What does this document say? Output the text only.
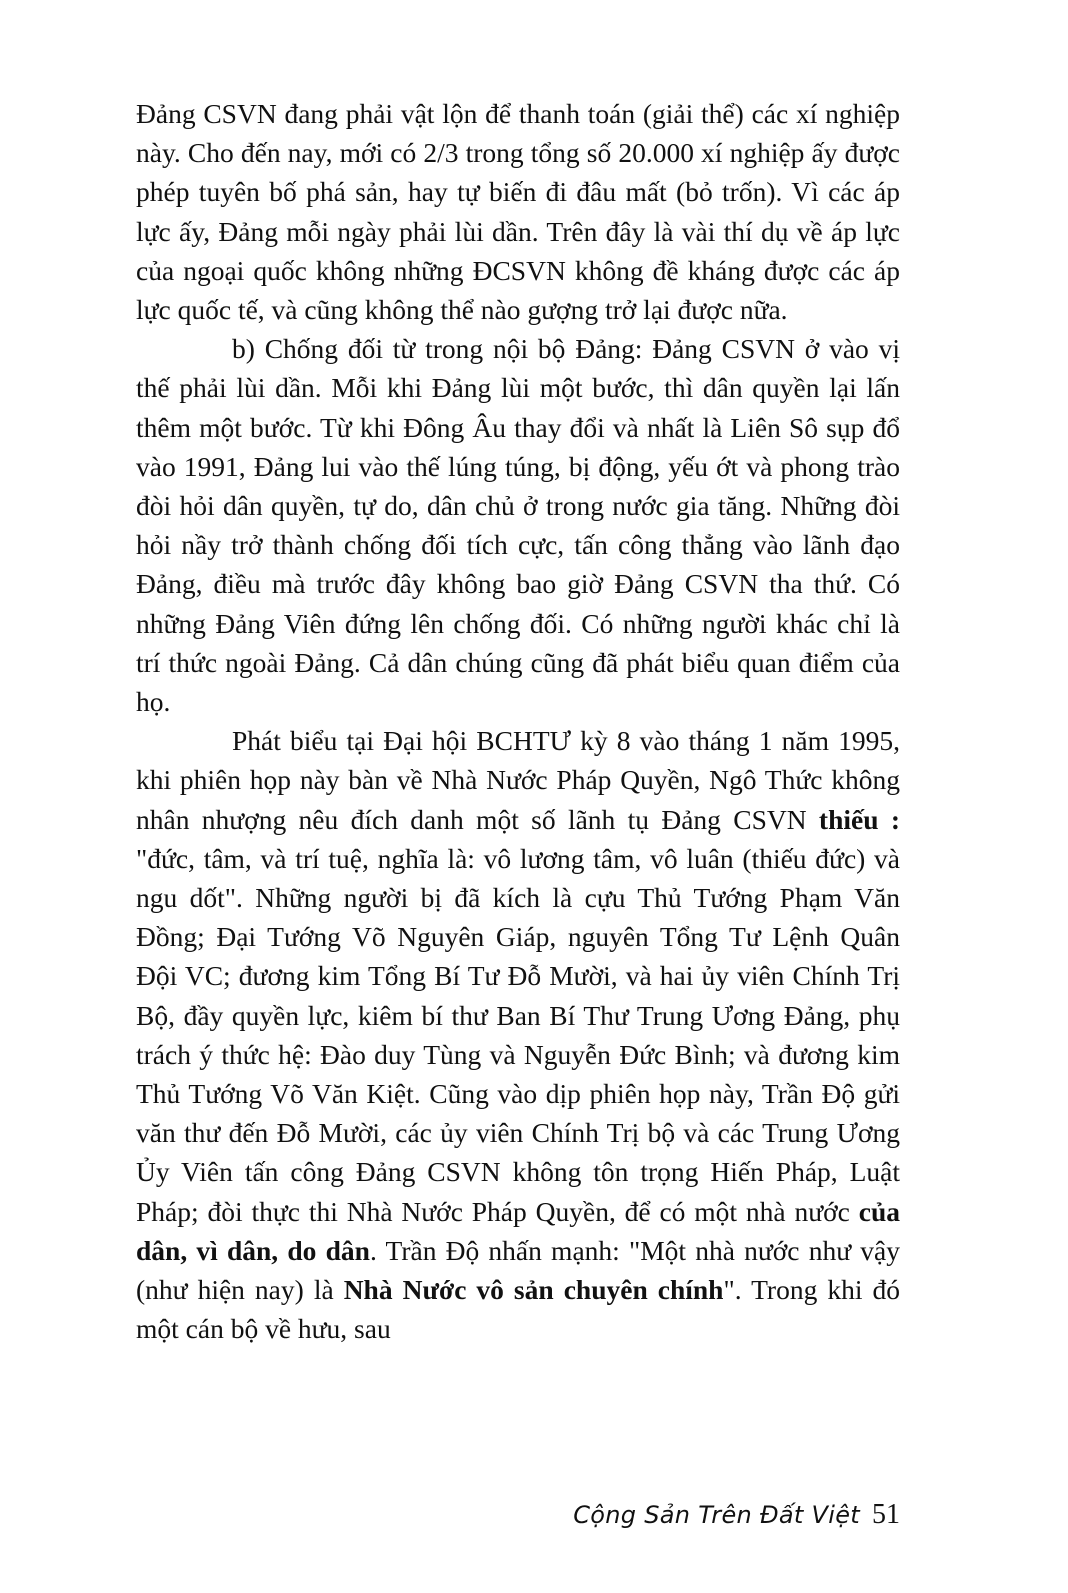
Đảng CSVN đang phải vật lộn để thanh toán (giải thể) các xí nghiệp này. Cho đến nay, mới có 2/3 trong tổng số 20.000 xí nghiệp ấy được phép tuyên bố phá sản, hay tự biến đi đâu mất (bỏ trốn). Vì các áp lực ấy, Đảng mỗi ngày phải lùi dần. Trên đây là vài thí dụ về áp lực của ngoại quốc không những ĐCSVN không đề kháng được các áp lực quốc tế, và cũng không thể nào gượng trở lại được nữa.

b) Chống đối từ trong nội bộ Đảng: Đảng CSVN ở vào vị thế phải lùi dần. Mỗi khi Đảng lùi một bước, thì dân quyền lại lấn thêm một bước. Từ khi Đông Âu thay đổi và nhất là Liên Sô sụp đổ vào 1991, Đảng lui vào thế lúng túng, bị động, yếu ớt và phong trào đòi hỏi dân quyền, tự do, dân chủ ở trong nước gia tăng. Những đòi hỏi nầy trở thành chống đối tích cực, tấn công thẳng vào lãnh đạo Đảng, điều mà trước đây không bao giờ Đảng CSVN tha thứ. Có những Đảng Viên đứng lên chống đối. Có những người khác chỉ là trí thức ngoài Đảng. Cả dân chúng cũng đã phát biểu quan điểm của họ.

Phát biểu tại Đại hội BCHTƯ kỳ 8 vào tháng 1 năm 1995, khi phiên họp này bàn về Nhà Nước Pháp Quyền, Ngô Thức không nhân nhượng nêu đích danh một số lãnh tụ Đảng CSVN thiếu : "đức, tâm, và trí tuệ, nghĩa là: vô lương tâm, vô luân (thiếu đức) và ngu dốt". Những người bị đã kích là cựu Thủ Tướng Phạm Văn Đồng; Đại Tướng Võ Nguyên Giáp, nguyên Tổng Tư Lệnh Quân Đội VC; đương kim Tổng Bí Tư Đỗ Mười, và hai ủy viên Chính Trị Bộ, đầy quyền lực, kiêm bí thư Ban Bí Thư Trung Ương Đảng, phụ trách ý thức hệ: Đào duy Tùng và Nguyễn Đức Bình; và đương kim Thủ Tướng Võ Văn Kiệt. Cũng vào dịp phiên họp này, Trần Độ gửi văn thư đến Đỗ Mười, các ủy viên Chính Trị bộ và các Trung Ương Ủy Viên tấn công Đảng CSVN không tôn trọng Hiến Pháp, Luật Pháp; đòi thực thi Nhà Nước Pháp Quyền, để có một nhà nước của dân, vì dân, do dân. Trần Độ nhấn mạnh: "Một nhà nước như vậy (như hiện nay) là Nhà Nước vô sản chuyên chính". Trong khi đó một cán bộ về hưu, sau

Cộng Sản Trên Đất Việt 51
